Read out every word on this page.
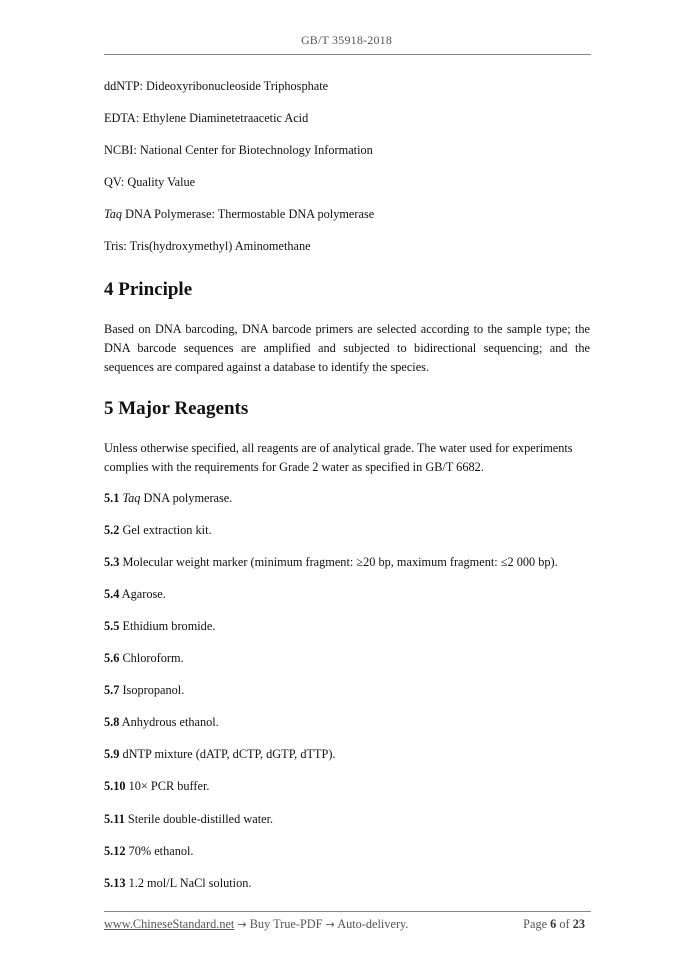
GB/T 35918-2018

ddNTP: Dideoxyribonucleoside Triphosphate

EDTA: Ethylene Diaminetetraacetic Acid

NCBI: National Center for Biotechnology Information

QV: Quality Value

Taq DNA Polymerase: Thermostable DNA polymerase

Tris: Tris(hydroxymethyl) Aminomethane

4 Principle

Based on DNA barcoding, DNA barcode primers are selected according to the sample type; the DNA barcode sequences are amplified and subjected to bidirectional sequencing; and the sequences are compared against a database to identify the species.

5 Major Reagents

Unless otherwise specified, all reagents are of analytical grade. The water used for experiments complies with the requirements for Grade 2 water as specified in GB/T 6682.

5.1 Taq DNA polymerase.

5.2 Gel extraction kit.

5.3 Molecular weight marker (minimum fragment: ≥20 bp, maximum fragment: ≤2 000 bp).

5.4 Agarose.

5.5 Ethidium bromide.

5.6 Chloroform.

5.7 Isopropanol.

5.8 Anhydrous ethanol.

5.9 dNTP mixture (dATP, dCTP, dGTP, dTTP).

5.10 10× PCR buffer.

5.11 Sterile double-distilled water.

5.12 70% ethanol.

5.13 1.2 mol/L NaCl solution.

www.ChineseStandard.net → Buy True-PDF → Auto-delivery.	Page 6 of 23
